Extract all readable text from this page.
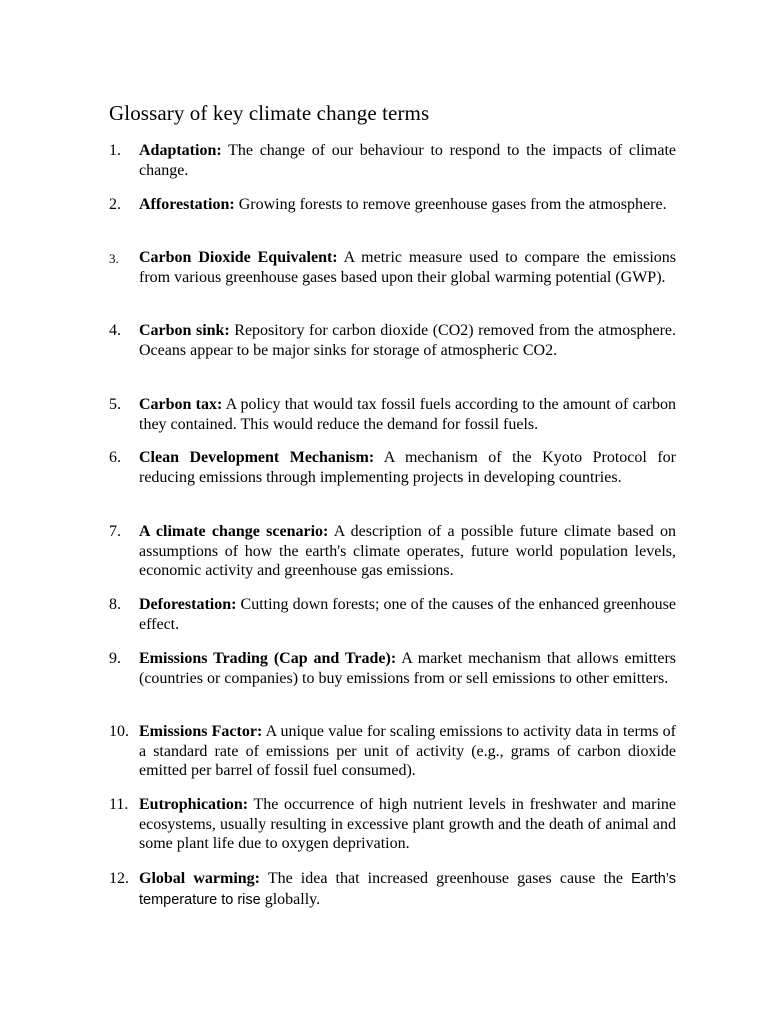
Glossary of key climate change terms
1. Adaptation: The change of our behaviour to respond to the impacts of climate change.
2. Afforestation: Growing forests to remove greenhouse gases from the atmosphere.
3. Carbon Dioxide Equivalent: A metric measure used to compare the emissions from various greenhouse gases based upon their global warming potential (GWP).
4. Carbon sink: Repository for carbon dioxide (CO2) removed from the atmosphere. Oceans appear to be major sinks for storage of atmospheric CO2.
5. Carbon tax: A policy that would tax fossil fuels according to the amount of carbon they contained. This would reduce the demand for fossil fuels.
6. Clean Development Mechanism: A mechanism of the Kyoto Protocol for reducing emissions through implementing projects in developing countries.
7. A climate change scenario: A description of a possible future climate based on assumptions of how the earth's climate operates, future world population levels, economic activity and greenhouse gas emissions.
8. Deforestation: Cutting down forests; one of the causes of the enhanced greenhouse effect.
9. Emissions Trading (Cap and Trade): A market mechanism that allows emitters (countries or companies) to buy emissions from or sell emissions to other emitters.
10. Emissions Factor: A unique value for scaling emissions to activity data in terms of a standard rate of emissions per unit of activity (e.g., grams of carbon dioxide emitted per barrel of fossil fuel consumed).
11. Eutrophication: The occurrence of high nutrient levels in freshwater and marine ecosystems, usually resulting in excessive plant growth and the death of animal and some plant life due to oxygen deprivation.
12. Global warming: The idea that increased greenhouse gases cause the Earth’s temperature to rise globally.
